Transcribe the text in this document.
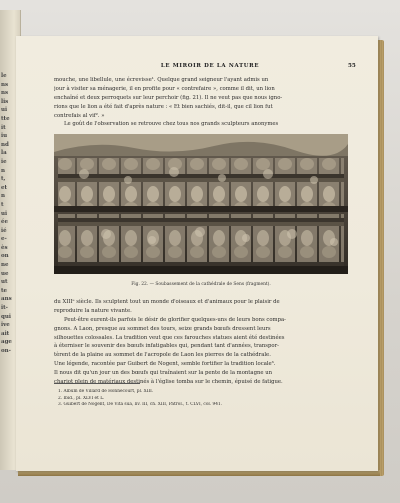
le
ns
ns
lis
ui
tte
it
iu
nd
la
ie
n
t,
et
n
t
ui
ée
ié
e-
ès
on
ne
ue
ut
te
ans
ît-
qui
ive
ait
age
on-
LE MIROIR DE LA NATURE	55
mouche, une libellule, une écrevisse¹. Quelque grand seigneur l'ayant admis un
jour à visiter sa ménagerie, il en profite pour « contrefaire », comme il dit, un lion
enchaîné et deux perroquets sur leur perchoir (fig. 21). Il ne veut pas que nous igno-
rions que le lion a été fait d'après nature : « Et bien sachiés, dit-il, que cil lion fut
contrefais al vif². »
Le goût de l'observation se retrouve chez tous nos grands sculpteurs anonymes
Fig. 22. — Soubassement de la cathédrale de Sens (fragment).
du XIIIᵉ siècle. Ils sculptent tout un monde d'oiseaux et d'animaux pour le plaisir de
reproduire la nature vivante.
Peut-être eurent-ils parfois le désir de glorifier quelques-uns de leurs bons compa-
gnons. A Laon, presque au sommet des tours, seize grands bœufs dressent leurs
silhouettes colossales. La tradition veut que ces farouches statues aient été destinées
à éterniser le souvenir des bœufs infatigables qui, pendant tant d'années, transpor-
tèrent de la plaine au sommet de l'acropole de Laon les pierres de la cathédrale.
Une légende, racontée par Guibert de Nogent, semble fortifier la tradition locale³.
Il nous dit qu'un jour un des bœufs qui traînaient sur la pente de la montagne un
chariot plein de matériaux destinés à l'église tomba sur le chemin, épuisé de fatigue.
1. Album de Villard de Honnecourt, pl. XIII.
2. Ibid., pl. XLVI et L.
3. Guibert de Nogent, De Vita sua, liv. III, ch. XIII, Patrol., t. CLVI, col. 941.
